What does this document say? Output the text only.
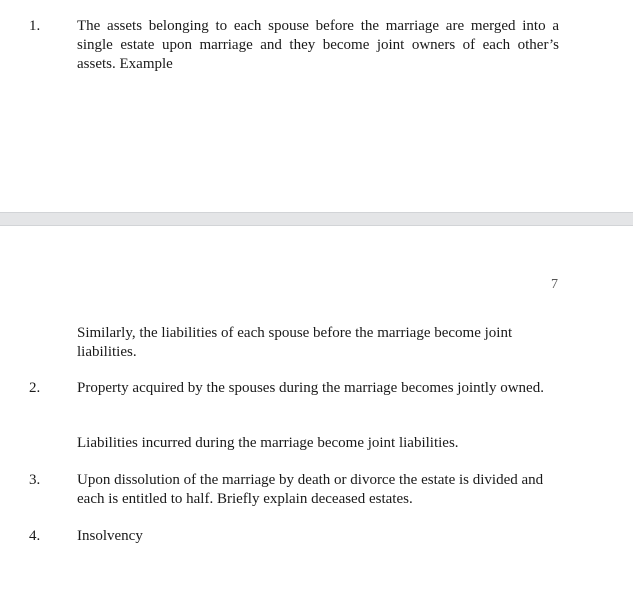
1. The assets belonging to each spouse before the marriage are merged into a single estate upon marriage and they become joint owners of each other’s assets. Example

7

Similarly, the liabilities of each spouse before the marriage become joint liabilities.

2. Property acquired by the spouses during the marriage becomes jointly owned.

Liabilities incurred during the marriage become joint liabilities.

3. Upon dissolution of the marriage by death or divorce the estate is divided and each is entitled to half. Briefly explain deceased estates.

4. Insolvency
